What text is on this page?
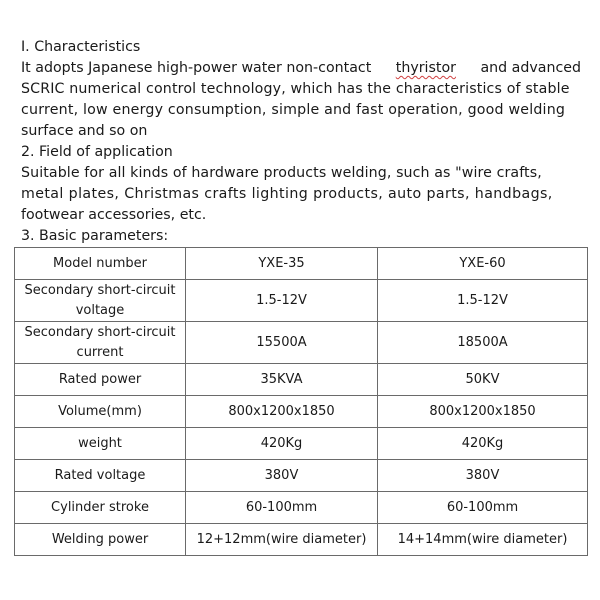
I. Characteristics
It adopts Japanese high-power water non-contact thyristor and advanced
SCRIC numerical control technology, which has the characteristics of stable
current, low energy consumption, simple and fast operation, good welding
surface and so on
2. Field of application
Suitable for all kinds of hardware products welding, such as "wire crafts,
metal plates, Christmas crafts lighting products, auto parts, handbags,
footwear accessories, etc.
3. Basic parameters:
Model number	YXE-35	YXE-60

Secondary short-circuit
voltage	1.5-12V	1.5-12V

Secondary short-circuit
current	15500A	18500A
Rated power	35KVA	50KV
Volume(mm)	800x1200x1850	800x1200x1850
weight	420Kg	420Kg
Rated voltage	380V	380V
Cylinder stroke	60-100mm	60-100mm
Welding power	12+12mm(wire diameter)	14+14mm(wire diameter)
